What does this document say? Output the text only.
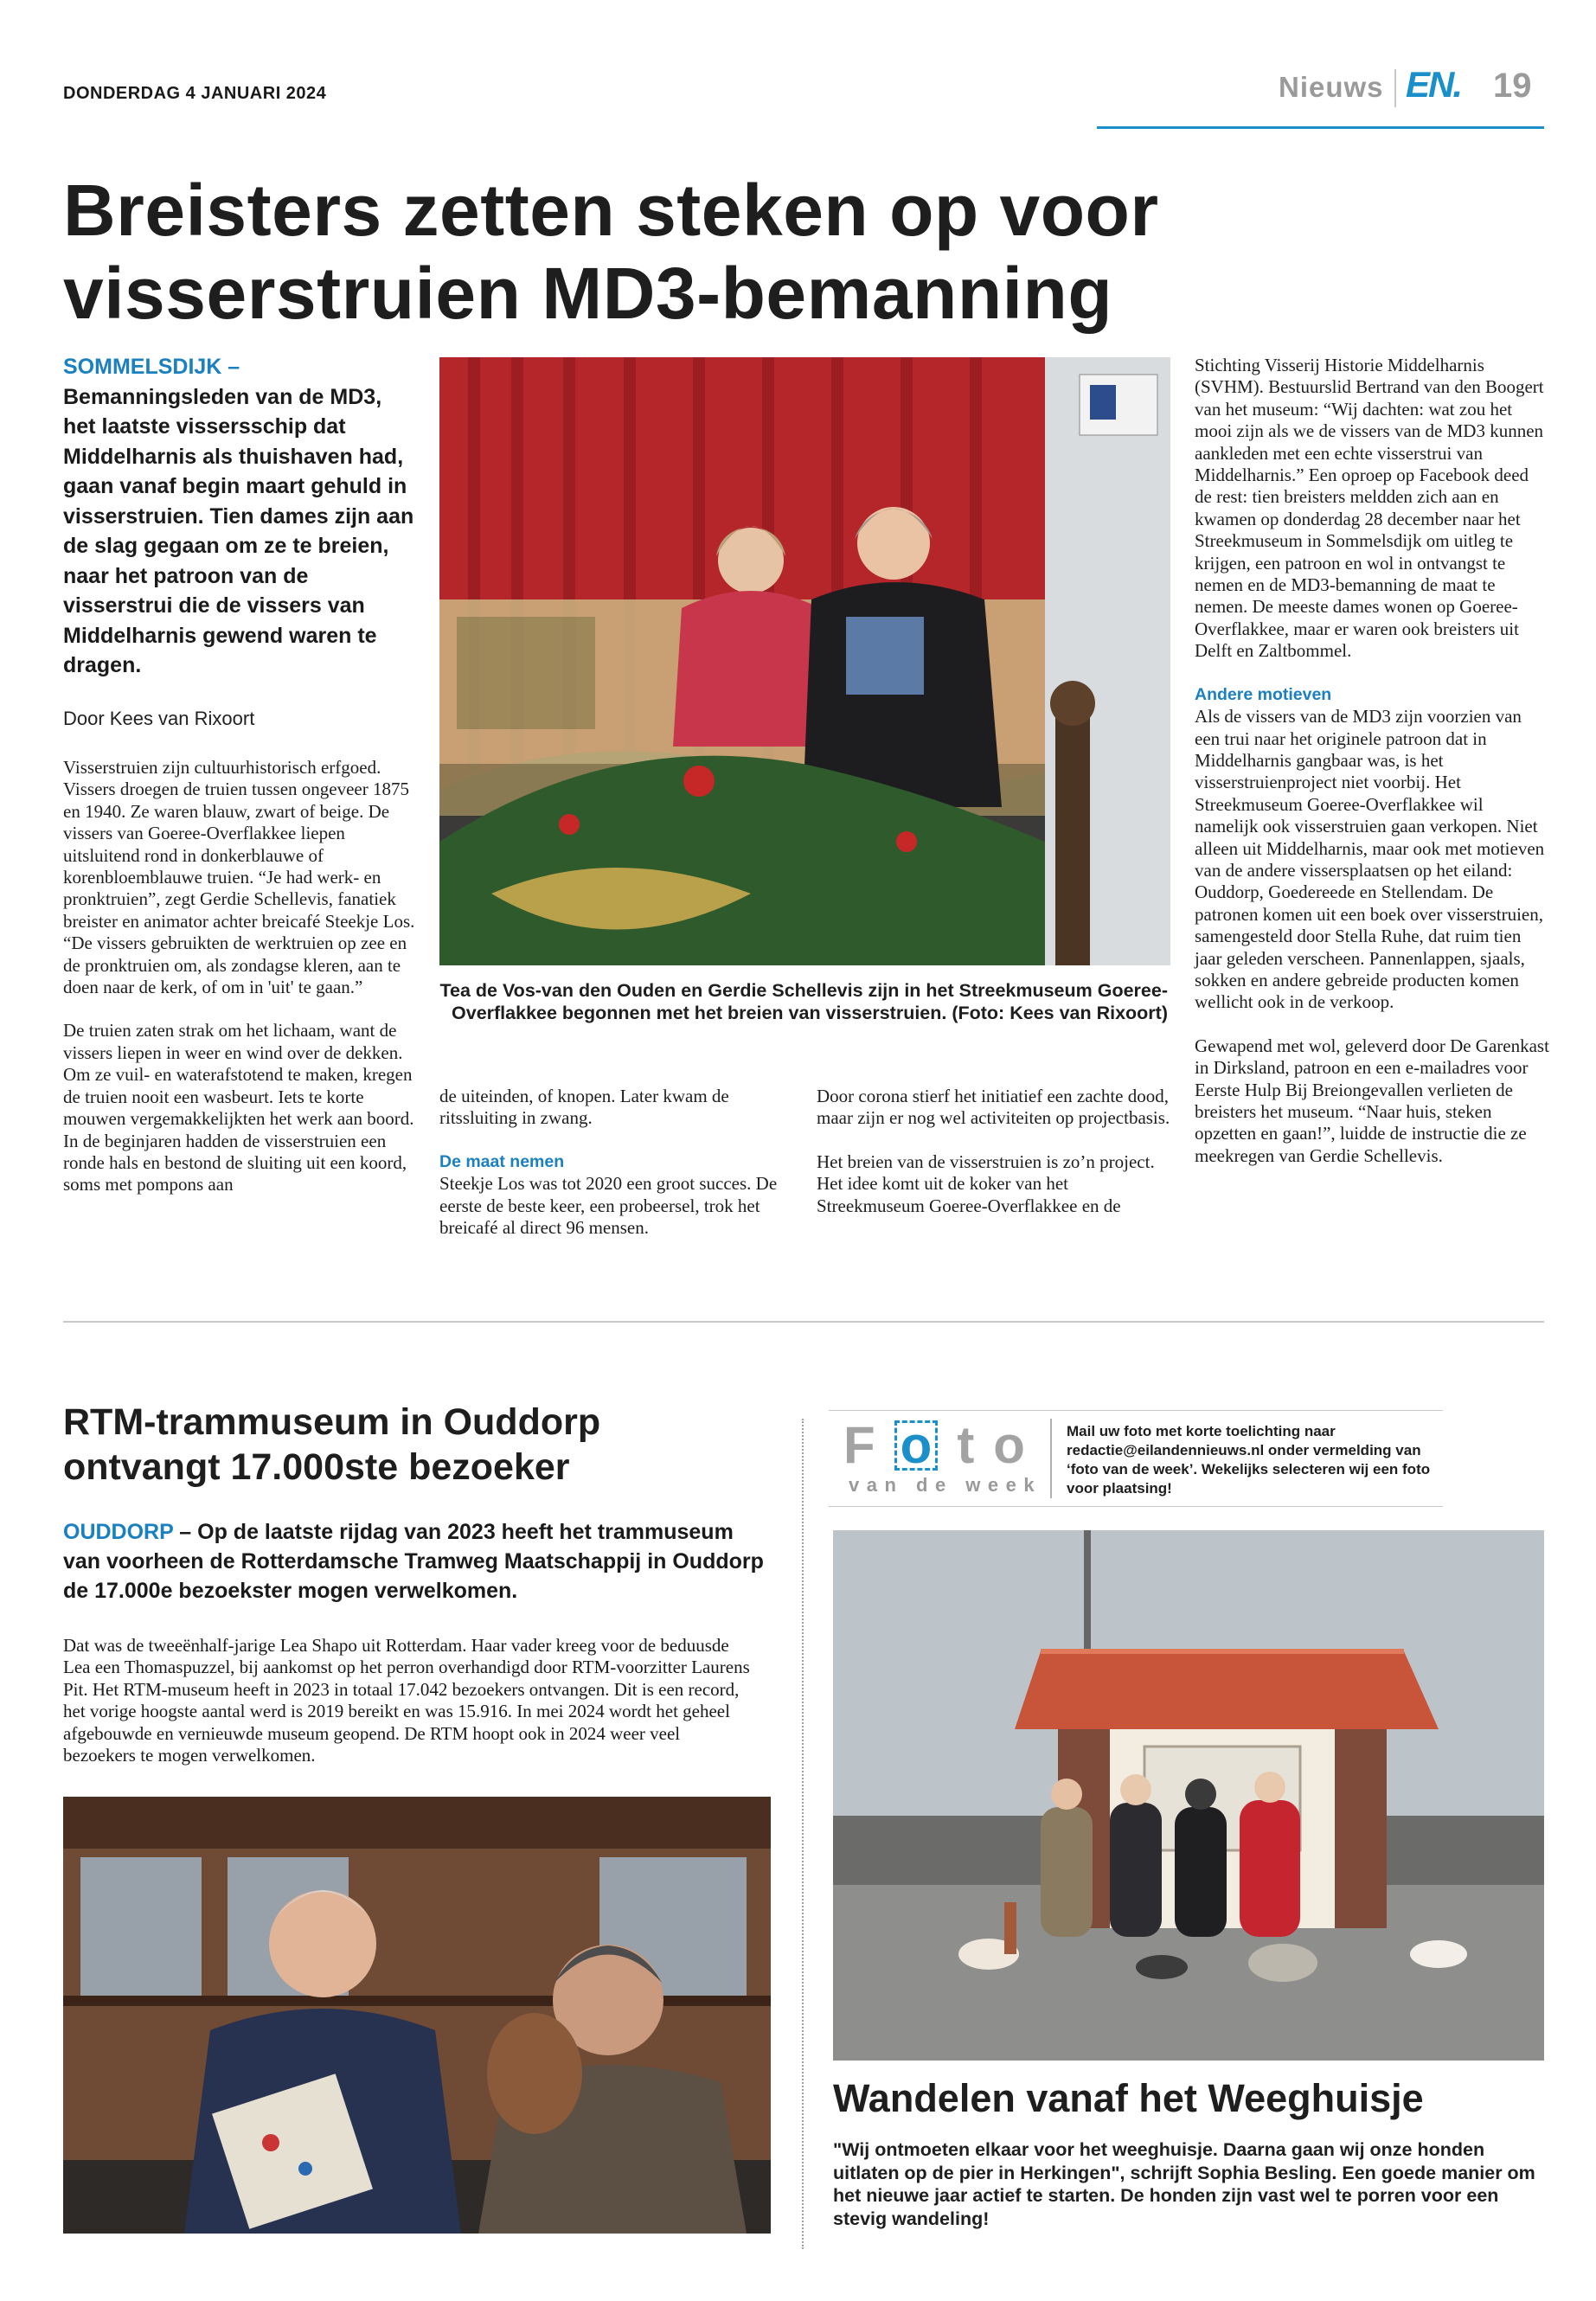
DONDERDAG 4 JANUARI 2024	Nieuws EN. 19
Breisters zetten steken op voor
visserstruien MD3-bemanning

SOMMELSDIJK –
Bemanningsleden van de MD3, het laatste vissersschip dat Middelharnis als thuishaven had, gaan vanaf begin maart gehuld in visserstruien. Tien dames zijn aan de slag gegaan om ze te breien, naar het patroon van de visserstrui die de vissers van Middelharnis gewend waren te dragen.

Door Kees van Rixoort

Visserstruien zijn cultuurhistorisch erfgoed. Vissers droegen de truien tussen ongeveer 1875 en 1940. Ze waren blauw, zwart of beige. De vissers van Goeree-Overflakkee liepen uitsluitend rond in donkerblauwe of korenbloemblauwe truien. “Je had werk- en pronktruien”, zegt Gerdie Schellevis, fanatiek breister en animator achter breicafé Steekje Los. “De vissers gebruikten de werktruien op zee en de pronktruien om, als zondagse kleren, aan te doen naar de kerk, of om in 'uit' te gaan.”

De truien zaten strak om het lichaam, want de vissers liepen in weer en wind over de dekken. Om ze vuil- en waterafstotend te maken, kregen de truien nooit een wasbeurt. Iets te korte mouwen vergemakkelijkten het werk aan boord. In de beginjaren hadden de visserstruien een ronde hals en bestond de sluiting uit een koord, soms met pompons aan

de uiteinden, of knopen. Later kwam de ritssluiting in zwang.

De maat nemen

Steekje Los was tot 2020 een groot succes. De eerste de beste keer, een probeersel, trok het breicafé al direct 96 mensen.

Door corona stierf het initiatief een zachte dood, maar zijn er nog wel activiteiten op projectbasis.

Het breien van de visserstruien is zo’n project. Het idee komt uit de koker van het Streekmuseum Goeree-Overflakkee en de

Stichting Visserij Historie Middelharnis (SVHM). Bestuurslid Bertrand van den Boogert van het museum: “Wij dachten: wat zou het mooi zijn als we de vissers van de MD3 kunnen aankleden met een echte visserstrui van Middelharnis.” Een oproep op Facebook deed de rest: tien breisters meldden zich aan en kwamen op donderdag 28 december naar het Streekmuseum in Sommelsdijk om uitleg te krijgen, een patroon en wol in ontvangst te nemen en de MD3-bemanning de maat te nemen. De meeste dames wonen op Goeree-Overflakkee, maar er waren ook breisters uit Delft en Zaltbommel.

Andere motieven

Als de vissers van de MD3 zijn voorzien van een trui naar het originele patroon dat in Middelharnis gangbaar was, is het visserstruienproject niet voorbij. Het Streekmuseum Goeree-Overflakkee wil namelijk ook visserstruien gaan verkopen. Niet alleen uit Middelharnis, maar ook met motieven van de andere vissersplaatsen op het eiland: Ouddorp, Goedereede en Stellendam. De patronen komen uit een boek over visserstruien, samengesteld door Stella Ruhe, dat ruim tien jaar geleden verscheen. Pannenlappen, sjaals, sokken en andere gebreide producten komen wellicht ook in de verkoop.

Gewapend met wol, geleverd door De Garenkast in Dirksland, patroon en een e-mailadres voor Eerste Hulp Bij Breiongevallen verlieten de breisters het museum. “Naar huis, steken opzetten en gaan!”, luidde de instructie die ze meekregen van Gerdie Schellevis.

Tea de Vos-van den Ouden en Gerdie Schellevis zijn in het Streekmuseum Goeree-Overflakkee begonnen met het breien van visserstruien. (Foto: Kees van Rixoort)
RTM-trammuseum in Ouddorp
ontvangt 17.000ste bezoeker

OUDDORP – Op de laatste rijdag van 2023 heeft het trammuseum van voorheen de Rotterdamsche Tramweg Maatschappij in Ouddorp de 17.000e bezoekster mogen verwelkomen.

Dat was de tweeënhalf-jarige Lea Shapo uit Rotterdam. Haar vader kreeg voor de beduusde Lea een Thomaspuzzel, bij aankomst op het perron overhandigd door RTM-voorzitter Laurens Pit. Het RTM-museum heeft in 2023 in totaal 17.042 bezoekers ontvangen. Dit is een record, het vorige hoogste aantal werd is 2019 bereikt en was 15.916. In mei 2024 wordt het geheel afgebouwde en vernieuwde museum geopend. De RTM hoopt ook in 2024 weer veel bezoekers te mogen verwelkomen.
F o to
van de week
Mail uw foto met korte toelichting naar redactie@eilandennieuws.nl onder vermelding van ‘foto van de week’. Wekelijks selecteren wij een foto voor plaatsing!
Wandelen vanaf het Weeghuisje
"Wij ontmoeten elkaar voor het weeghuisje. Daarna gaan wij onze honden uitlaten op de pier in Herkingen", schrijft Sophia Besling. Een goede manier om het nieuwe jaar actief te starten. De honden zijn vast wel te porren voor een stevig wandeling!
